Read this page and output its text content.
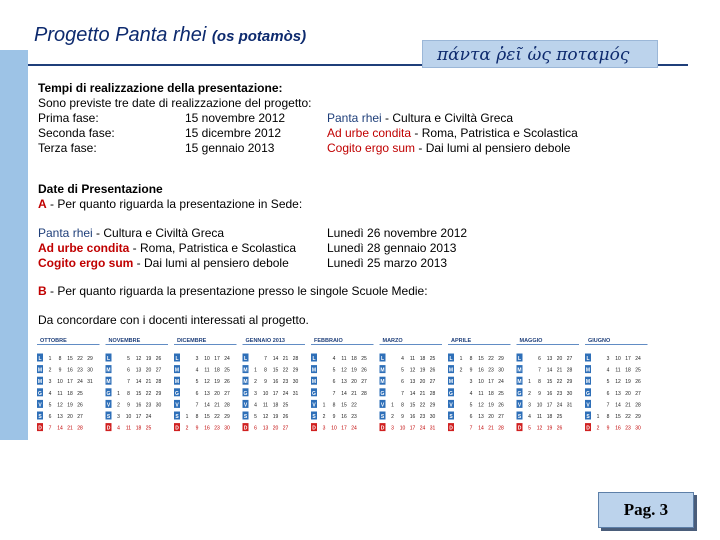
Progetto Panta rhei (os potamòs)
πάντα ῥεῖ ὡς ποταμός
Tempi di realizzazione della presentazione:
Sono previste tre date di realizzazione del progetto:
Prima fase:	15 novembre 2012	Panta rhei - Cultura e Civiltà Greca
Seconda fase:	15 dicembre 2012	Ad urbe condita - Roma, Patristica e Scolastica
Terza fase:	15 gennaio 2013	Cogito ergo sum - Dai lumi al pensiero debole
Date di Presentazione
A - Per quanto riguarda la presentazione in Sede:
Panta rhei - Cultura e Civiltà Greca	Lunedì 26 novembre 2012
Ad urbe condita - Roma, Patristica e Scolastica	Lunedì 28 gennaio 2013
Cogito ergo sum - Dai lumi al pensiero debole	Lunedì 25 marzo 2013
B - Per quanto riguarda la presentazione presso le singole Scuole Medie:
Da concordare con i docenti interessati al progetto.
OTTOBRE
L 1 8 15 22 29
M 2 9 16 23 30
M 3 10 17 24 31
G 4 11 18 25
V 5 12 19 26
S 6 13 20 27
D 7 14 21 28
NOVEMBRE
L	5 12 19 26
M	6 13 20 27
M	7 14 21 28
G 1 8 15 22 29
V 2 9 16 23 30
S 3 10 17 24
D 4 11 18 25
DICEMBRE
L	3 10 17 24
M	4 11 18 25
M	5 12 19 26
G	6 13 20 27
V	7 14 21 28
S 1 8 15 22 29
D 2 9 16 23 30
GENNAIO 2013
L	7 14 21 28
M 1 8 15 22 29
M 2 9 16 23 30
G 3 10 17 24 31
V 4 11 18 25
S 5 12 19 26
D 6 13 20 27
FEBBRAIO
L	4 11 18 25
M	5 12 19 26
M	6 13 20 27
G	7 14 21 28
V 1 8 15 22
S 2 9 16 23
D 3 10 17 24
MARZO
L	4 11 18 25
M	5 12 19 26
M	6 13 20 27
G	7 14 21 28
V 1 8 15 22 29
S 2 9 16 23 30
D 3 10 17 24 31
APRILE
L 1 8 15 22 29
M 2 9 16 23 30
M	3 10 17 24
G	4 11 18 25
V	5 12 19 26
S	6 13 20 27
D	7 14 21 28
MAGGIO
L	6 13 20 27
M	7 14 21 28
M 1 8 15 22 29
G 2 9 16 23 30
V 3 10 17 24 31
S 4 11 18 25
D 5 12 19 26
GIUGNO
L	3 10 17 24
M	4 11 18 25
M	5 12 19 26
G	6 13 20 27
V	7 14 21 28
S 1 8 15 22 29
D 2 9 16 23 30
Pag. 3
